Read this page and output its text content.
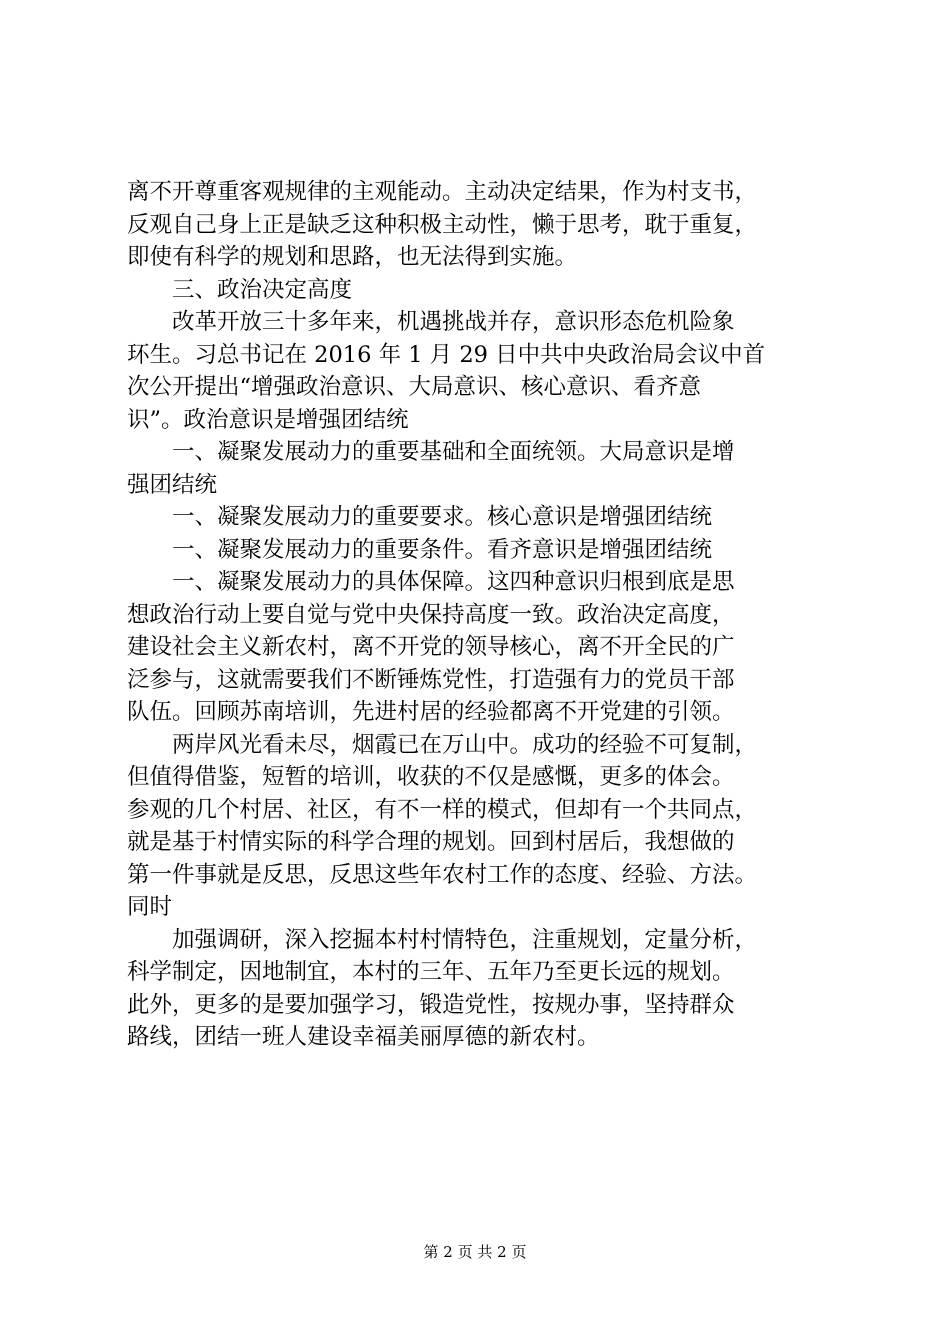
离不开尊重客观规律的主观能动。主动决定结果，作为村支书，
反观自己身上正是缺乏这种积极主动性，懒于思考，耽于重复，
即使有科学的规划和思路，也无法得到实施。
　　三、政治决定高度
　　改革开放三十多年来，机遇挑战并存，意识形态危机险象
环生。习总书记在 2016 年 1 月 29 日中共中央政治局会议中首
次公开提出“增强政治意识、大局意识、核心意识、看齐意
识”。政治意识是增强团结统
　　一、凝聚发展动力的重要基础和全面统领。大局意识是增
强团结统
　　一、凝聚发展动力的重要要求。核心意识是增强团结统
　　一、凝聚发展动力的重要条件。看齐意识是增强团结统
　　一、凝聚发展动力的具体保障。这四种意识归根到底是思
想政治行动上要自觉与党中央保持高度一致。政治决定高度，
建设社会主义新农村，离不开党的领导核心，离不开全民的广
泛参与，这就需要我们不断锤炼党性，打造强有力的党员干部
队伍。回顾苏南培训，先进村居的经验都离不开党建的引领。
　　两岸风光看未尽，烟霞已在万山中。成功的经验不可复制，
但值得借鉴，短暂的培训，收获的不仅是感慨，更多的体会。
参观的几个村居、社区，有不一样的模式，但却有一个共同点，
就是基于村情实际的科学合理的规划。回到村居后，我想做的
第一件事就是反思，反思这些年农村工作的态度、经验、方法。
同时
　　加强调研，深入挖掘本村村情特色，注重规划，定量分析，
科学制定，因地制宜，本村的三年、五年乃至更长远的规划。
此外，更多的是要加强学习，锻造党性，按规办事，坚持群众
路线，团结一班人建设幸福美丽厚德的新农村。
第 2 页 共 2 页
